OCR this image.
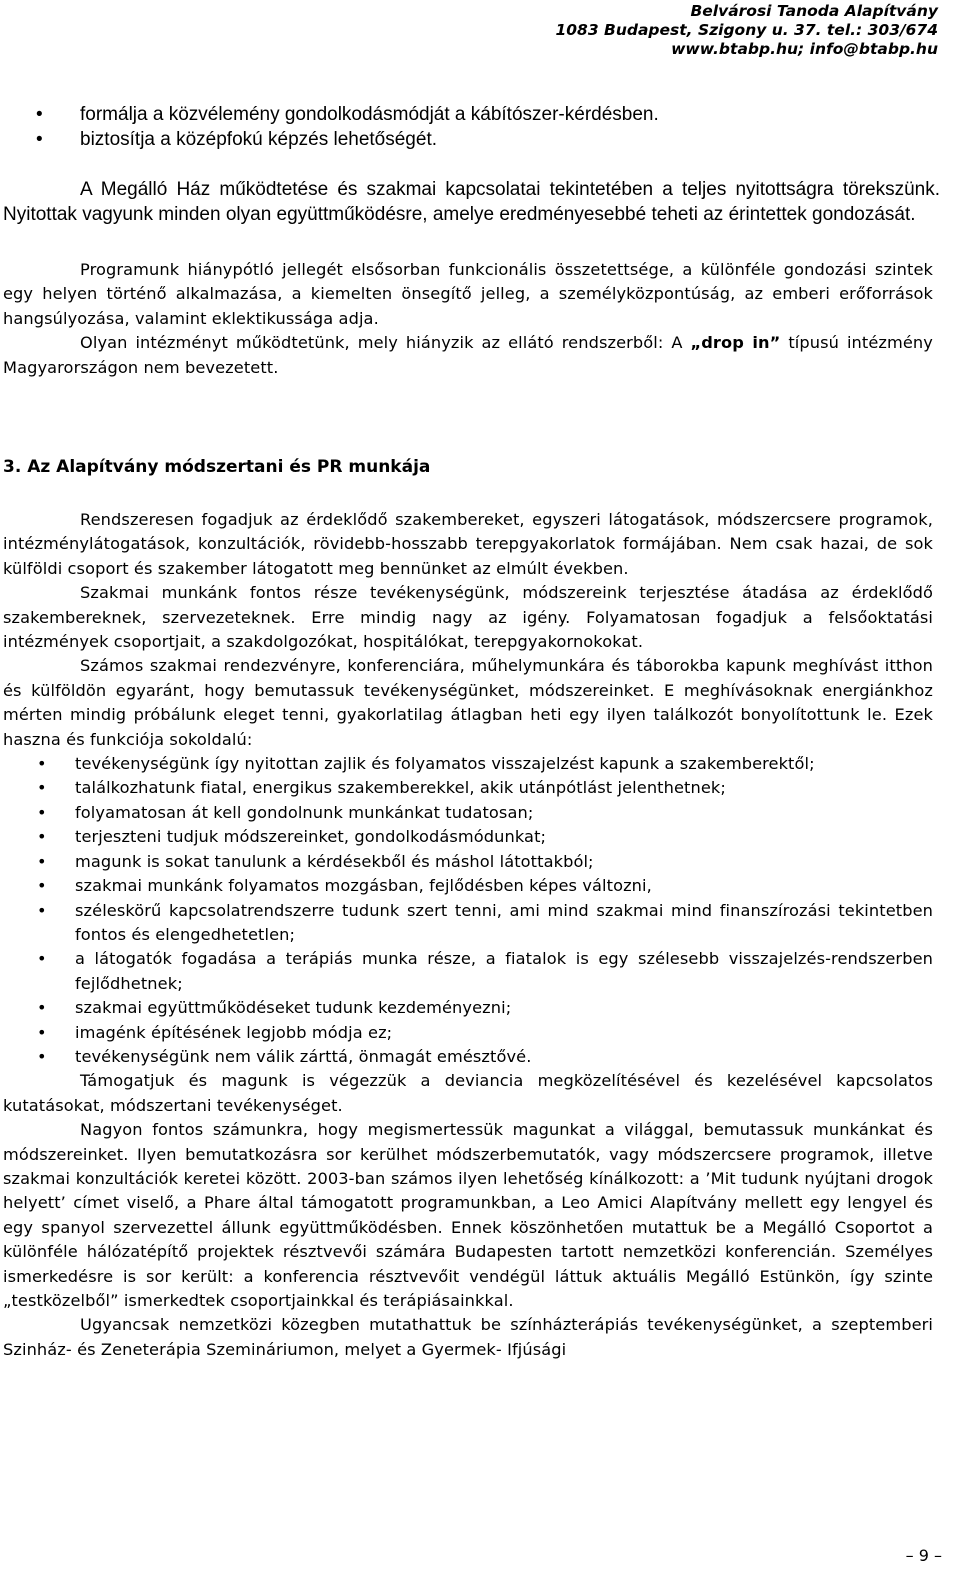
Belvárosi Tanoda Alapítvány
1083 Budapest, Szigony u. 37. tel.: 303/674
www.btabp.hu; info@btabp.hu
• formálja a közvélemény gondolkodásmódját a kábítószer-kérdésben.
• biztosítja a középfokú képzés lehetőségét.

A Megálló Ház működtetése és szakmai kapcsolatai tekintetében a teljes nyitottságra törekszünk. Nyitottak vagyunk minden olyan együttműködésre, amelye eredményesebbé teheti az érintettek gondozását.

Programunk hiánypótló jellegét elsősorban funkcionális összetettsége, a különféle gondozási szintek egy helyen történő alkalmazása, a kiemelten önsegítő jelleg, a személyközpontúság, az emberi erőforrások hangsúlyozása, valamint eklektikussága adja.

Olyan intézményt működtetünk, mely hiányzik az ellátó rendszerből: A „drop in” típusú intézmény Magyarországon nem bevezetett.

3. Az Alapítvány módszertani és PR munkája

Rendszeresen fogadjuk az érdeklődő szakembereket, egyszeri látogatások, módszercsere programok, intézménylátogatások, konzultációk, rövidebb-hosszabb terepgyakorlatok formájában. Nem csak hazai, de sok külföldi csoport és szakember látogatott meg bennünket az elmúlt években.

Szakmai munkánk fontos része tevékenységünk, módszereink terjesztése átadása az érdeklődő szakembereknek, szervezeteknek. Erre mindig nagy az igény. Folyamatosan fogadjuk a felsőoktatási intézmények csoportjait, a szakdolgozókat, hospitálókat, terepgyakornokokat.

Számos szakmai rendezvényre, konferenciára, műhelymunkára és táborokba kapunk meghívást itthon és külföldön egyaránt, hogy bemutassuk tevékenységünket, módszereinket. E meghívásoknak energiánkhoz mérten mindig próbálunk eleget tenni, gyakorlatilag átlagban heti egy ilyen találkozót bonyolítottunk le. Ezek haszna és funkciója sokoldalú:

• tevékenységünk így nyitottan zajlik és folyamatos visszajelzést kapunk a szakemberektől;
• találkozhatunk fiatal, energikus szakemberekkel, akik utánpótlást jelenthetnek;
• folyamatosan át kell gondolnunk munkánkat tudatosan;
• terjeszteni tudjuk módszereinket, gondolkodásmódunkat;
• magunk is sokat tanulunk a kérdésekből és máshol látottakból;
• szakmai munkánk folyamatos mozgásban, fejlődésben képes változni,
• széleskörű kapcsolatrendszerre tudunk szert tenni, ami mind szakmai mind finanszírozási tekintetben fontos és elengedhetetlen;
• a látogatók fogadása a terápiás munka része, a fiatalok is egy szélesebb visszajelzés-rendszerben fejlődhetnek;
• szakmai együttműködéseket tudunk kezdeményezni;
• imagénk építésének legjobb módja ez;
• tevékenységünk nem válik zárttá, önmagát emésztővé.

Támogatjuk és magunk is végezzük a deviancia megközelítésével és kezelésével kapcsolatos kutatásokat, módszertani tevékenységet.

Nagyon fontos számunkra, hogy megismertessük magunkat a világgal, bemutassuk munkánkat és módszereinket. Ilyen bemutatkozásra sor kerülhet módszerbemutatók, vagy módszercsere programok, illetve szakmai konzultációk keretei között. 2003-ban számos ilyen lehetőség kínálkozott: a ’Mit tudunk nyújtani drogok helyett’ címet viselő, a Phare által támogatott programunkban, a Leo Amici Alapítvány mellett egy lengyel és egy spanyol szervezettel állunk együttműködésben. Ennek köszönhetően mutattuk be a Megálló Csoportot a különféle hálózatépítő projektek résztvevői számára Budapesten tartott nemzetközi konferencián. Személyes ismerkedésre is sor került: a konferencia résztvevőit vendégül láttuk aktuális Megálló Estünkön, így szinte „testközelből” ismerkedtek csoportjainkkal és terápiásainkkal.

Ugyancsak nemzetközi közegben mutathattuk be színházterápiás tevékenységünket, a szeptemberi Szinház- és Zeneterápia Szemináriumon, melyet a Gyermek- Ifjúsági

– 9 –
